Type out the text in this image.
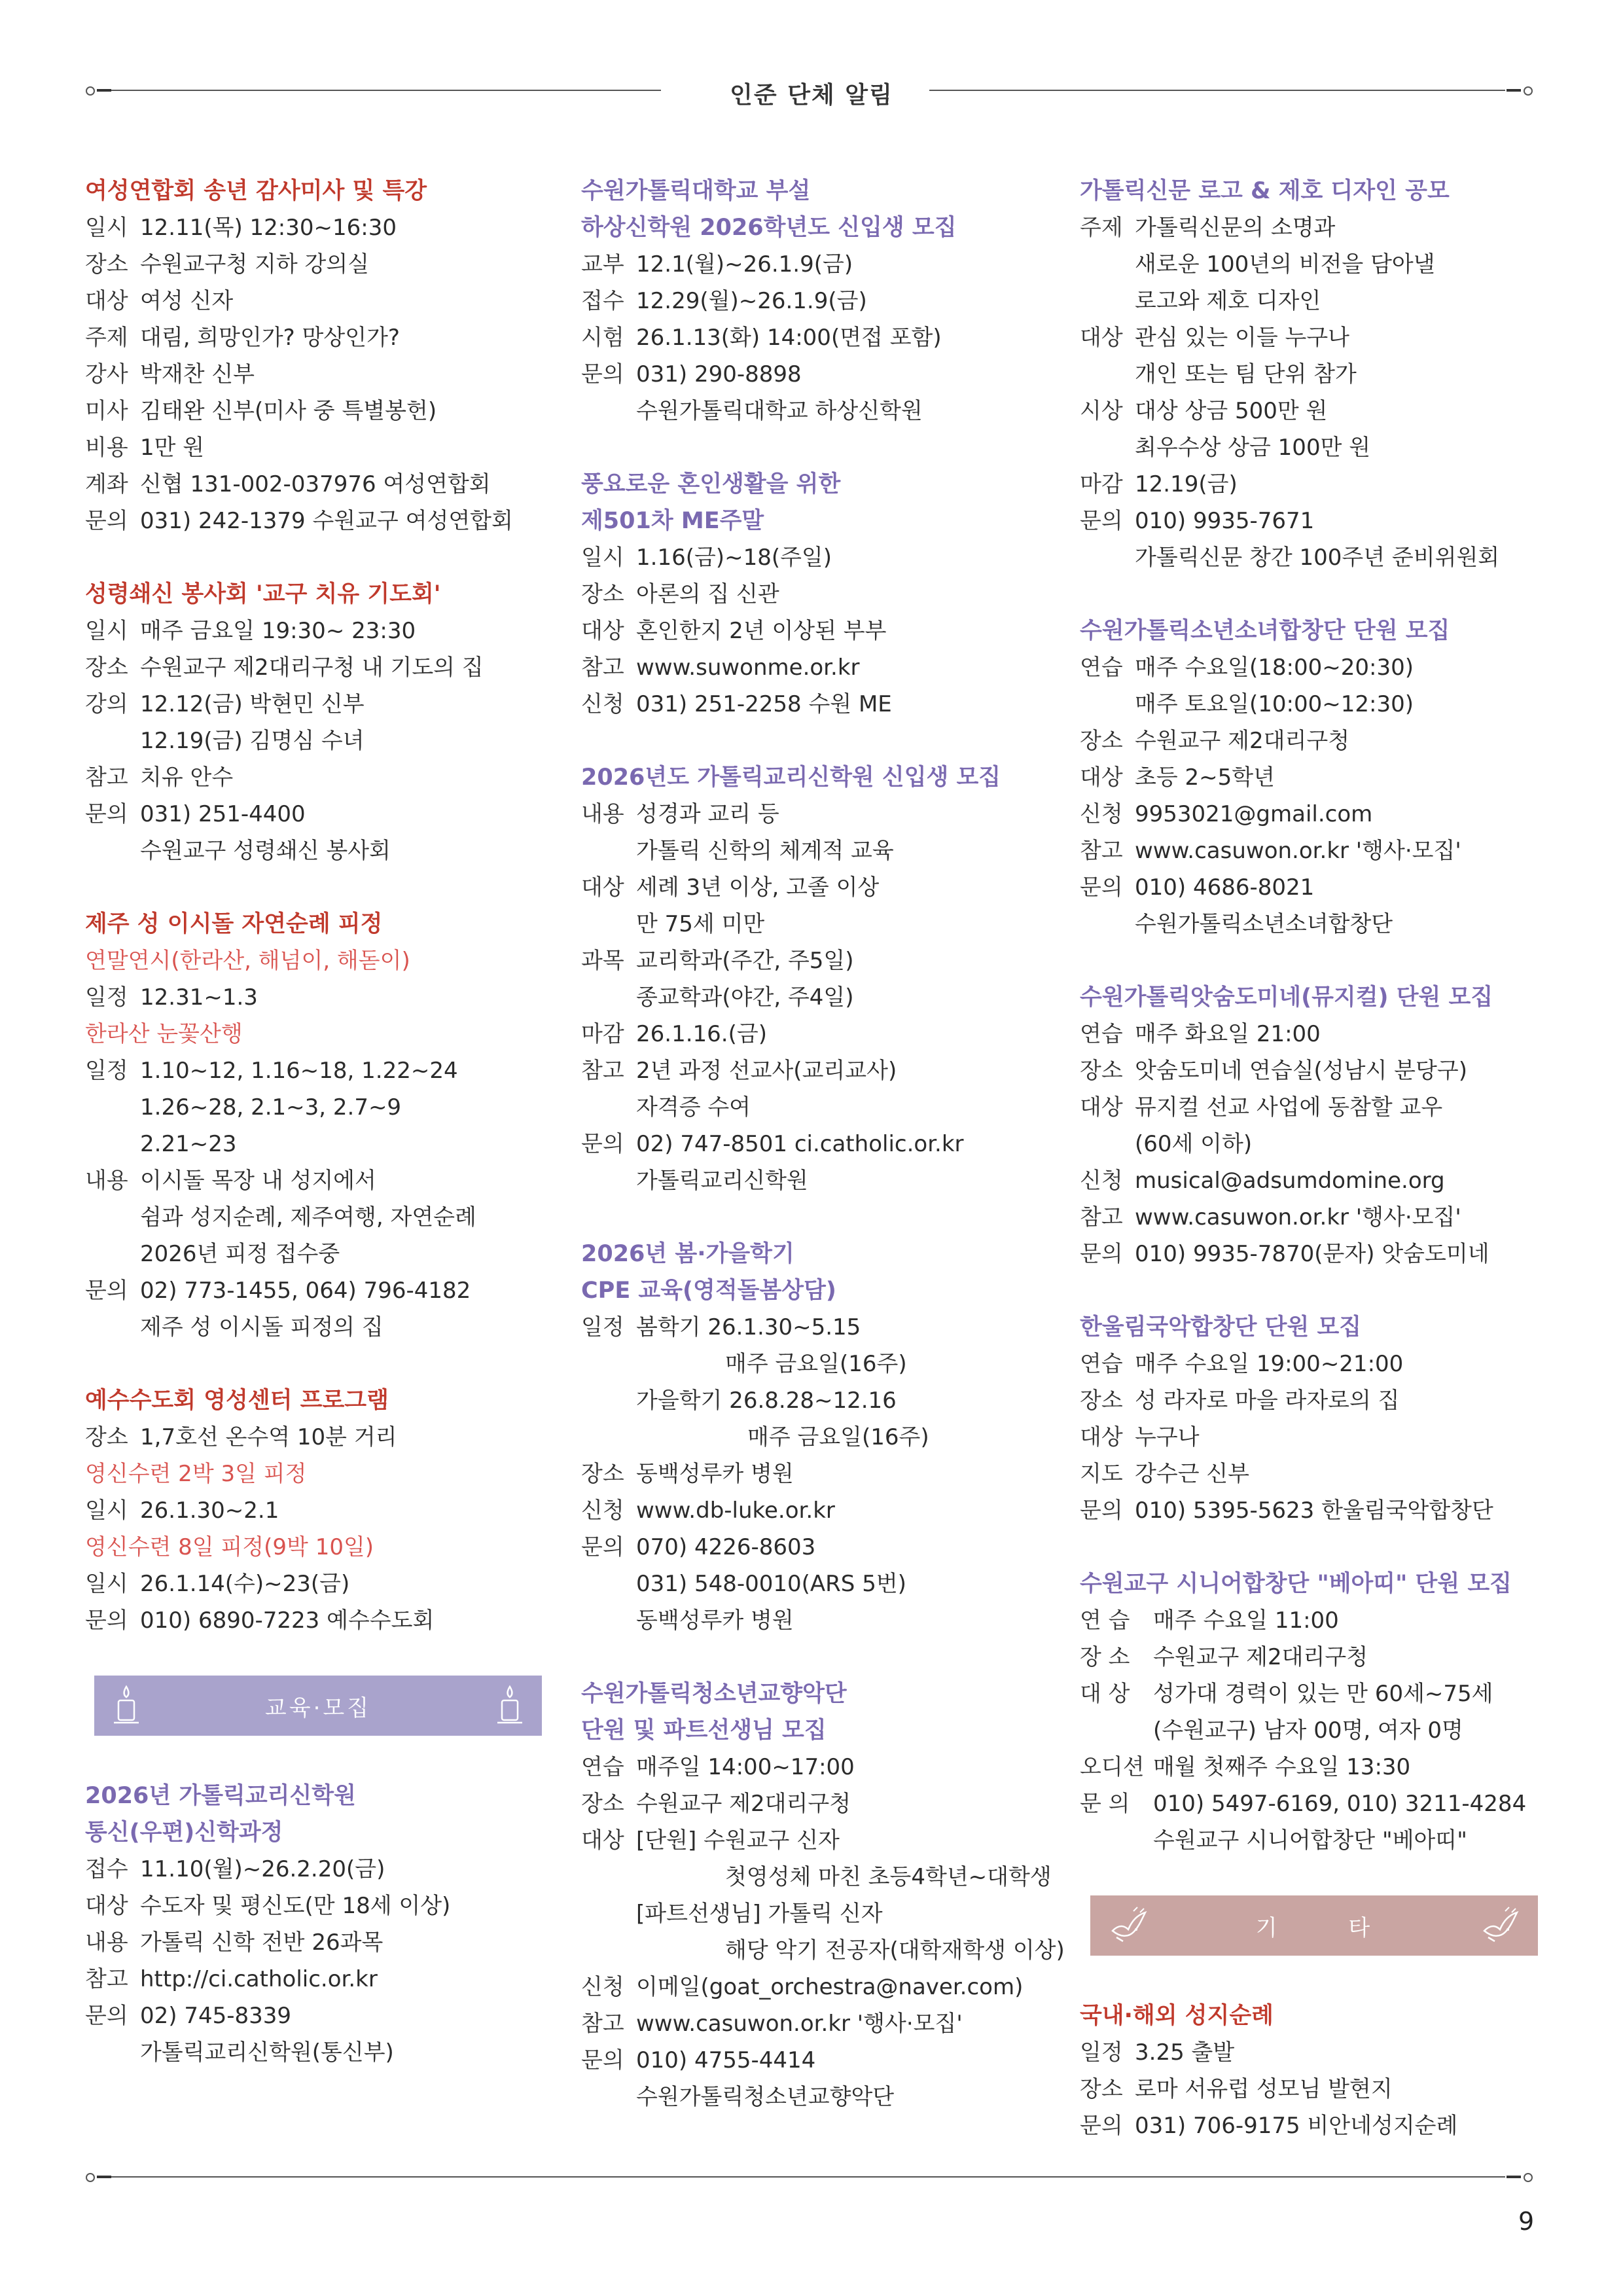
인준 단체 알림
여성연합회 송년 감사미사 및 특강
일시 12.11(목) 12:30~16:30
장소 수원교구청 지하 강의실
대상 여성 신자
주제 대림, 희망인가? 망상인가?
강사 박재찬 신부
미사 김태완 신부(미사 중 특별봉헌)
비용 1만 원
계좌 신협 131-002-037976 여성연합회
문의 031) 242-1379 수원교구 여성연합회
성령쇄신 봉사회 '교구 치유 기도회'
일시 매주 금요일 19:30~ 23:30
장소 수원교구 제2대리구청 내 기도의 집
강의 12.12(금) 박현민 신부
12.19(금) 김명심 수녀
참고 치유 안수
문의 031) 251-4400
수원교구 성령쇄신 봉사회
제주 성 이시돌 자연순례 피정
연말연시(한라산, 해넘이, 해돋이)
일정 12.31~1.3
한라산 눈꽃산행
일정 1.10~12, 1.16~18, 1.22~24
1.26~28, 2.1~3, 2.7~9
2.21~23
내용 이시돌 목장 내 성지에서
쉼과 성지순례, 제주여행, 자연순례
2026년 피정 접수중
문의 02) 773-1455, 064) 796-4182
제주 성 이시돌 피정의 집
예수수도회 영성센터 프로그램
장소 1,7호선 온수역 10분 거리
영신수련 2박 3일 피정
일시 26.1.30~2.1
영신수련 8일 피정(9박 10일)
일시 26.1.14(수)~23(금)
문의 010) 6890-7223 예수수도회
교육·모집
2026년 가톨릭교리신학원
통신(우편)신학과정
접수 11.10(월)~26.2.20(금)
대상 수도자 및 평신도(만 18세 이상)
내용 가톨릭 신학 전반 26과목
참고 http://ci.catholic.or.kr
문의 02) 745-8339
가톨릭교리신학원(통신부)
수원가톨릭대학교 부설
하상신학원 2026학년도 신입생 모집
교부 12.1(월)~26.1.9(금)
접수 12.29(월)~26.1.9(금)
시험 26.1.13(화) 14:00(면접 포함)
문의 031) 290-8898
수원가톨릭대학교 하상신학원
풍요로운 혼인생활을 위한
제501차 ME주말
일시 1.16(금)~18(주일)
장소 아론의 집 신관
대상 혼인한지 2년 이상된 부부
참고 www.suwonme.or.kr
신청 031) 251-2258 수원 ME
2026년도 가톨릭교리신학원 신입생 모집
내용 성경과 교리 등
가톨릭 신학의 체계적 교육
대상 세례 3년 이상, 고졸 이상
만 75세 미만
과목 교리학과(주간, 주5일)
종교학과(야간, 주4일)
마감 26.1.16.(금)
참고 2년 과정 선교사(교리교사)
자격증 수여
문의 02) 747-8501 ci.catholic.or.kr
가톨릭교리신학원
2026년 봄·가을학기
CPE 교육(영적돌봄상담)
일정 봄학기 26.1.30~5.15
매주 금요일(16주)
가을학기 26.8.28~12.16
매주 금요일(16주)
장소 동백성루카 병원
신청 www.db-luke.or.kr
문의 070) 4226-8603
031) 548-0010(ARS 5번)
동백성루카 병원
수원가톨릭청소년교향악단
단원 및 파트선생님 모집
연습 매주일 14:00~17:00
장소 수원교구 제2대리구청
대상 [단원] 수원교구 신자
첫영성체 마친 초등4학년~대학생
[파트선생님] 가톨릭 신자
해당 악기 전공자(대학재학생 이상)
신청 이메일(goat_orchestra@naver.com)
참고 www.casuwon.or.kr '행사·모집'
문의 010) 4755-4414
수원가톨릭청소년교향악단
가톨릭신문 로고 & 제호 디자인 공모
주제 가톨릭신문의 소명과
새로운 100년의 비전을 담아낼
로고와 제호 디자인
대상 관심 있는 이들 누구나
개인 또는 팀 단위 참가
시상 대상 상금 500만 원
최우수상 상금 100만 원
마감 12.19(금)
문의 010) 9935-7671
가톨릭신문 창간 100주년 준비위원회
수원가톨릭소년소녀합창단 단원 모집
연습 매주 수요일(18:00~20:30)
매주 토요일(10:00~12:30)
장소 수원교구 제2대리구청
대상 초등 2~5학년
신청 9953021@gmail.com
참고 www.casuwon.or.kr '행사·모집'
문의 010) 4686-8021
수원가톨릭소년소녀합창단
수원가톨릭앗숨도미네(뮤지컬) 단원 모집
연습 매주 화요일 21:00
장소 앗숨도미네 연습실(성남시 분당구)
대상 뮤지컬 선교 사업에 동참할 교우
(60세 이하)
신청 musical@adsumdomine.org
참고 www.casuwon.or.kr '행사·모집'
문의 010) 9935-7870(문자) 앗숨도미네
한울림국악합창단 단원 모집
연습 매주 수요일 19:00~21:00
장소 성 라자로 마을 라자로의 집
대상 누구나
지도 강수근 신부
문의 010) 5395-5623 한울림국악합창단
수원교구 시니어합창단 "베아띠" 단원 모집
연 습	매주 수요일 11:00
장 소	수원교구 제2대리구청
대 상	성가대 경력이 있는 만 60세~75세
(수원교구) 남자 00명, 여자 0명
오디션 매월 첫째주 수요일 13:30
문 의	010) 5497-6169, 010) 3211-4284
수원교구 시니어합창단 "베아띠"
기 타
국내·해외 성지순례
일정 3.25 출발
장소 로마 서유럽 성모님 발현지
문의 031) 706-9175 비안네성지순례
9
